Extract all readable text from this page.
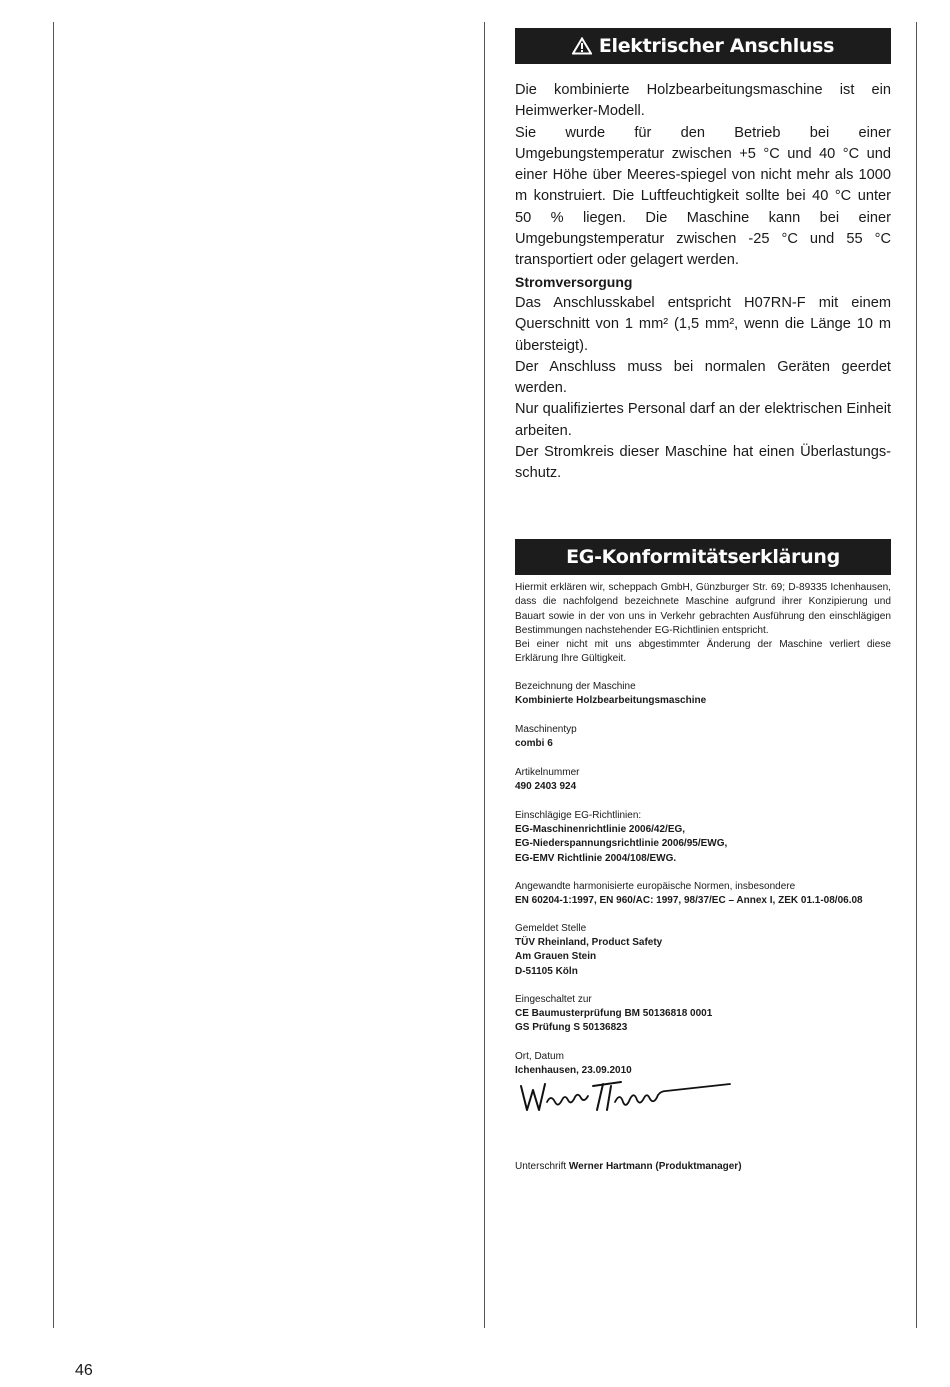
Elektrischer Anschluss

Die kombinierte Holzbearbeitungsmaschine ist ein Heimwerker-Modell.

Sie wurde für den Betrieb bei einer Umgebungstemperatur zwischen +5 °C und 40 °C und einer Höhe über Meeres-spiegel von nicht mehr als 1000 m konstruiert. Die Luftfeuchtigkeit sollte bei 40 °C unter 50 % liegen. Die Maschine kann bei einer Umgebungstemperatur zwischen -25 °C und 55 °C transportiert oder gelagert werden.

Stromversorgung

Das Anschlusskabel entspricht H07RN-F mit einem Querschnitt von 1 mm² (1,5 mm², wenn die Länge 10 m übersteigt).

Der Anschluss muss bei normalen Geräten geerdet werden.

Nur qualifiziertes Personal darf an der elektrischen Einheit arbeiten.

Der Stromkreis dieser Maschine hat einen Überlastungs-schutz.

EG-Konformitätserklärung

Hiermit erklären wir, scheppach GmbH, Günzburger Str. 69; D-89335 Ichenhausen, dass die nachfolgend bezeichnete Maschine aufgrund ihrer Konzipierung und Bauart sowie in der von uns in Verkehr gebrachten Ausführung den einschlägigen Bestimmungen nachstehender EG-Richtlinien entspricht.

Bei einer nicht mit uns abgestimmter Änderung der Maschine verliert diese Erklärung Ihre Gültigkeit.

Bezeichnung der Maschine
Kombinierte Holzbearbeitungsmaschine
Maschinentyp
combi 6
Artikelnummer
490 2403 924
Einschlägige EG-Richtlinien:
EG-Maschinenrichtlinie 2006/42/EG,
EG-Niederspannungsrichtlinie 2006/95/EWG,
EG-EMV Richtlinie 2004/108/EWG.
Angewandte harmonisierte europäische Normen, insbesondere
EN 60204-1:1997, EN 960/AC: 1997, 98/37/EC – Annex I, ZEK 01.1-08/06.08
Gemeldet Stelle
TÜV Rheinland, Product Safety
Am Grauen Stein
D-51105 Köln
Eingeschaltet zur
CE Baumusterprüfung BM 50136818 0001
GS Prüfung S 50136823
Ort, Datum
Ichenhausen, 23.09.2010
Unterschrift Werner Hartmann (Produktmanager)
46
